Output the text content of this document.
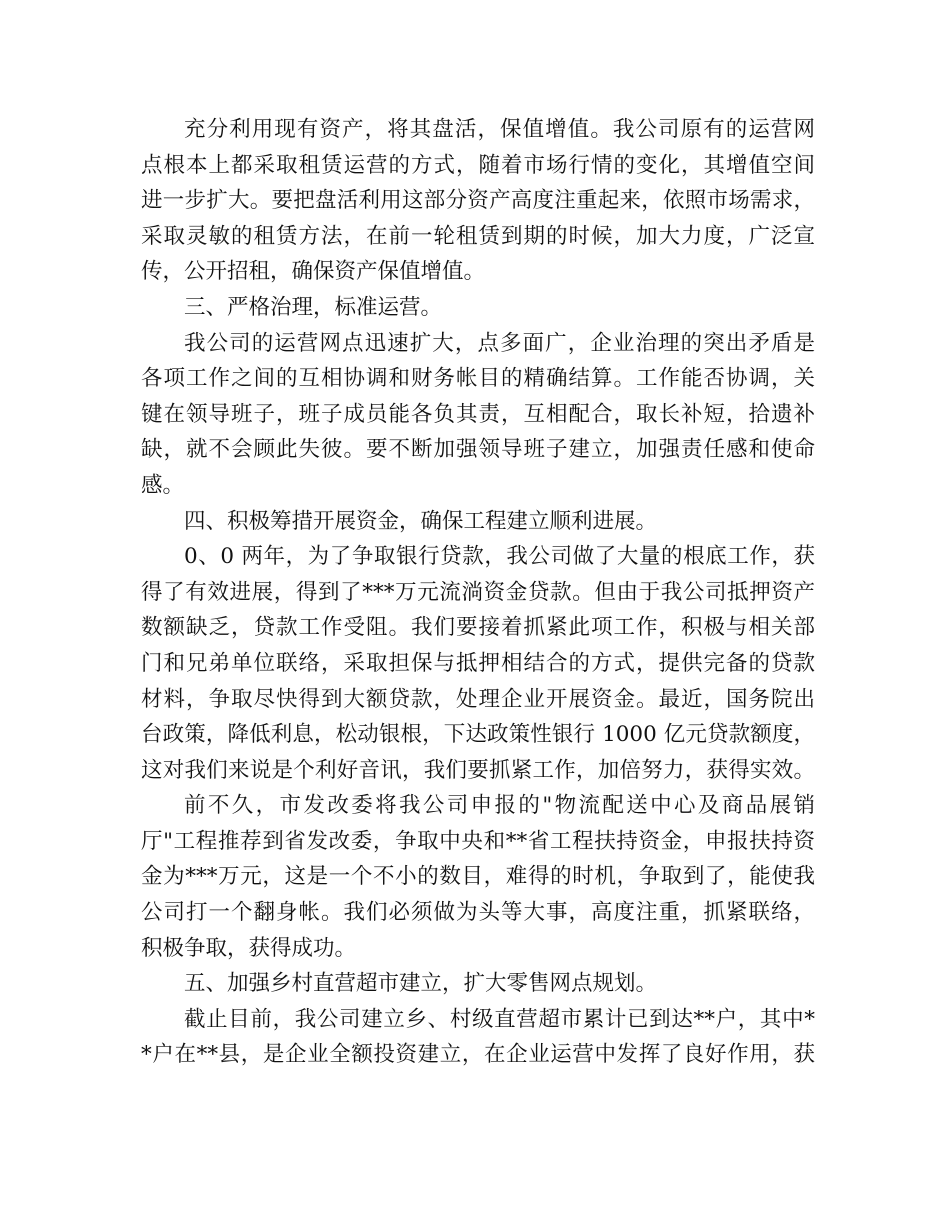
充分利用现有资产，将其盘活，保值增值。我公司原有的运营网
点根本上都采取租赁运营的方式，随着市场行情的变化，其增值空间
进一步扩大。要把盘活利用这部分资产高度注重起来，依照市场需求，
采取灵敏的租赁方法，在前一轮租赁到期的时候，加大力度，广泛宣
传，公开招租，确保资产保值增值。
三、严格治理，标准运营。
我公司的运营网点迅速扩大，点多面广，企业治理的突出矛盾是
各项工作之间的互相协调和财务帐目的精确结算。工作能否协调，关
键在领导班子，班子成员能各负其责，互相配合，取长补短，拾遗补
缺，就不会顾此失彼。要不断加强领导班子建立，加强责任感和使命
感。
四、积极筹措开展资金，确保工程建立顺利进展。
0、0 两年，为了争取银行贷款，我公司做了大量的根底工作，获
得了有效进展，得到了***万元流淌资金贷款。但由于我公司抵押资产
数额缺乏，贷款工作受阻。我们要接着抓紧此项工作，积极与相关部
门和兄弟单位联络，采取担保与抵押相结合的方式，提供完备的贷款
材料，争取尽快得到大额贷款，处理企业开展资金。最近，国务院出
台政策，降低利息，松动银根，下达政策性银行 1000 亿元贷款额度，
这对我们来说是个利好音讯，我们要抓紧工作，加倍努力，获得实效。
前不久，市发改委将我公司申报的"物流配送中心及商品展销
厅"工程推荐到省发改委，争取中央和**省工程扶持资金，申报扶持资
金为***万元，这是一个不小的数目，难得的时机，争取到了，能使我
公司打一个翻身帐。我们必须做为头等大事，高度注重，抓紧联络，
积极争取，获得成功。
五、加强乡村直营超市建立，扩大零售网点规划。
截止目前，我公司建立乡、村级直营超市累计已到达**户，其中*
*户在**县，是企业全额投资建立，在企业运营中发挥了良好作用，获
